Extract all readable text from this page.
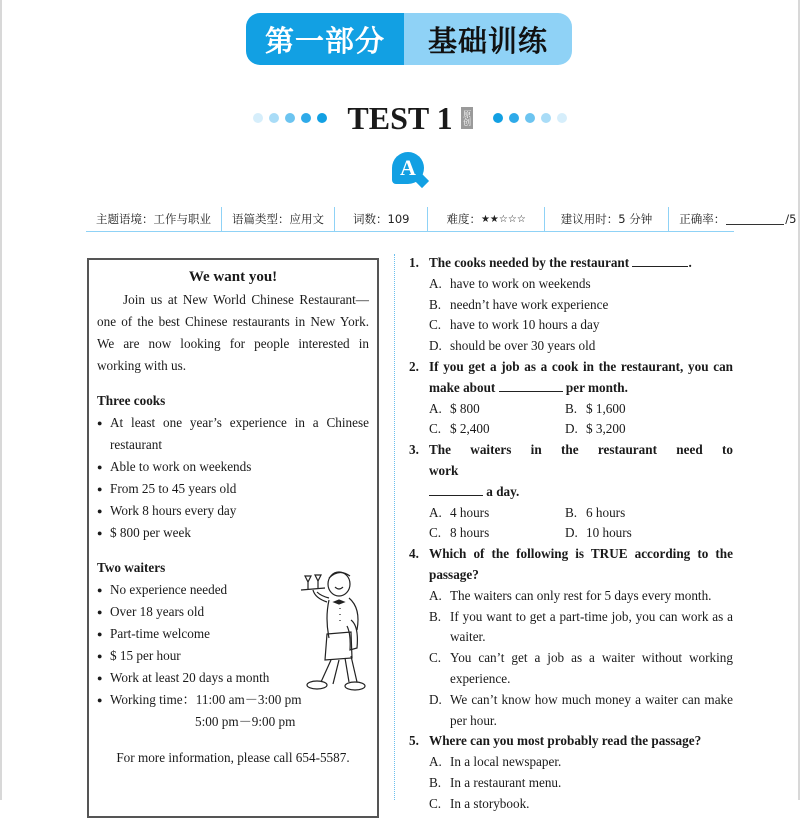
第一部分	基础训练
TEST 1 原创
A
主题语境：工作与职业	语篇类型：应用文	词数：109	难度： ★★☆☆☆	建议用时：5 分钟	正确率：	/5
We want you!
Join us at New World Chinese Restaurant—one of the best Chinese restaurants in New York. We are now looking for people interested in working with us.
Three cooks
● At least one year’s experience in a Chinese restaurant
● Able to work on weekends
● From 25 to 45 years old
● Work 8 hours every day
● $ 800 per week
Two waiters
● No experience needed
● Over 18 years old
● Part-time welcome
● $ 15 per hour
● Work at least 20 days a month
● Working time：11:00 am－3:00 pm
5:00 pm－9:00 pm
For more information, please call 654-5587.
1. The cooks needed by the restaurant	.
A. have to work on weekends
B. needn’t have work experience
C. have to work 10 hours a day
D. should be over 30 years old
2. If you get a job as a cook in the restaurant, you can make about	per month.
A. $ 800	B. $ 1,600
C. $ 2,400	D. $ 3,200
3. The waiters in the restaurant need to work
a day.
A. 4 hours	B. 6 hours
C. 8 hours	D. 10 hours
4. Which of the following is TRUE according to the passage?
A. The waiters can only rest for 5 days every month.
B. If you want to get a part-time job, you can work as a waiter.
C. You can’t get a job as a waiter without working experience.
D. We can’t know how much money a waiter can make per hour.
5. Where can you most probably read the passage?
A. In a local newspaper.
B. In a restaurant menu.
C. In a storybook.
